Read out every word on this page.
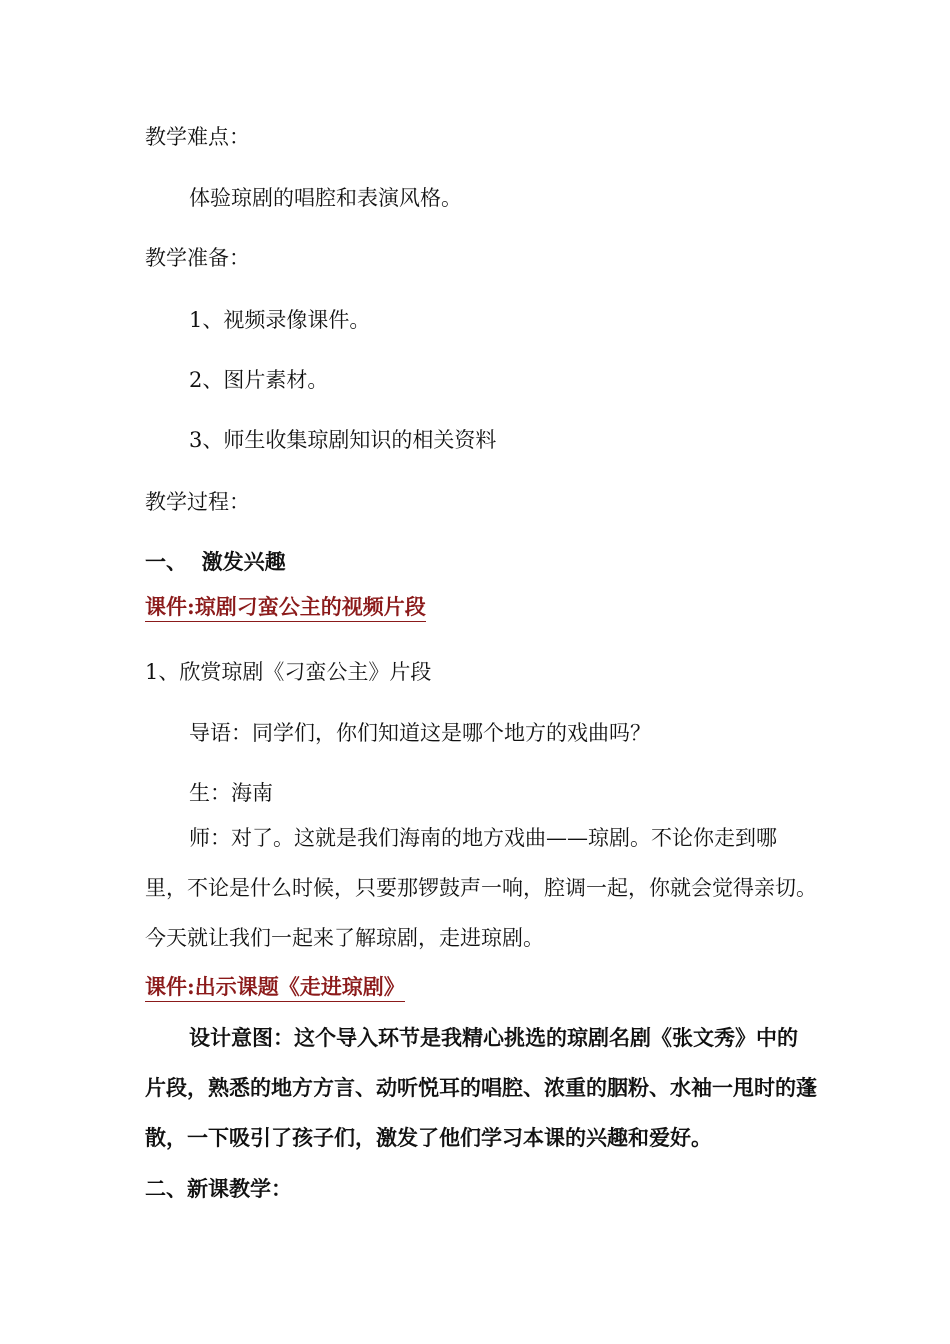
教学难点：
体验琼剧的唱腔和表演风格。
教学准备：
1、视频录像课件。
2、图片素材。
3、师生收集琼剧知识的相关资料
教学过程：
一、  激发兴趣
课件:琼剧刁蛮公主的视频片段
1、欣赏琼剧《刁蛮公主》片段
导语：同学们，你们知道这是哪个地方的戏曲吗？
生：海南
师：对了。这就是我们海南的地方戏曲——琼剧。不论你走到哪里，不论是什么时候，只要那锣鼓声一响，腔调一起，你就会觉得亲切。今天就让我们一起来了解琼剧，走进琼剧。
课件:出示课题《走进琼剧》
设计意图：这个导入环节是我精心挑选的琼剧名剧《张文秀》中的片段，熟悉的地方方言、动听悦耳的唱腔、浓重的胭粉、水袖一甩时的蓬散，一下吸引了孩子们，激发了他们学习本课的兴趣和爱好。
二、新课教学：
